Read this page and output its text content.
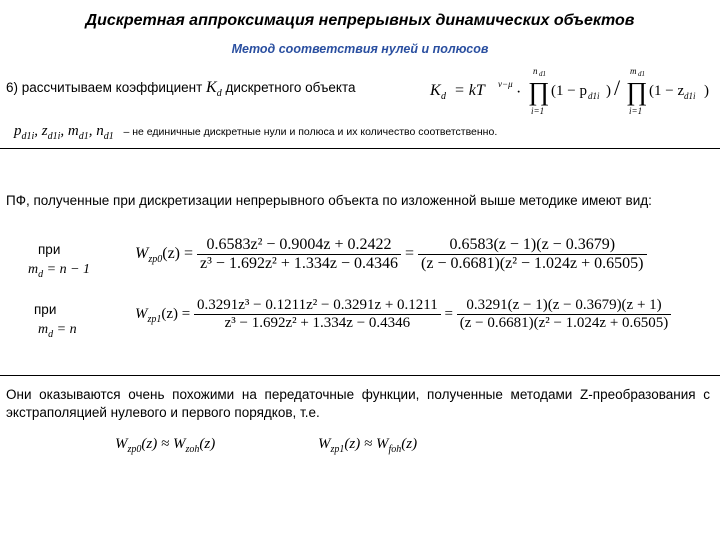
Дискретная аппроксимация непрерывных динамических объектов
Метод соответствия нулей и полюсов
6) рассчитываем коэффициент $K_d$ дискретного объекта	K d = kT ν−μ ·
n d1
∏
i=1
(1 − p d1i ) /
m d1
∏
i=1
(1 − z d1i )
$p_{d1i}$, $z_{d1i}$, $m_{d1}$, $n_{d1}$ – не единичные дискретные нули и полюса и их количество соответственно.
ПФ, полученные при дискретизации непрерывного объекта по изложенной выше методике имеют вид:
при
$m_d = n - 1$
$W_{zp0}(z) = \frac{\text{0.6583z² − 0.9004z + 0.2422}}{\text{z³ − 1.692z² + 1.334z − 0.4346}} = \frac{0.6583(z - 1)(z - 0.3679)}{\text{(z − 0.6681)(z² − 1.024z + 0.6505)}}$
при
$m_d = n$
$W_{zp1}(z) = \frac{\text{0.3291z³ − 0.1211z² − 0.3291z + 0.1211}}{\text{z³ − 1.692z² + 1.334z − 0.4346}} = \frac{0.3291(z - 1)(z - 0.3679)(z + 1)}{\text{(z − 0.6681)(z² − 1.024z + 0.6505)}}$
Они оказываются очень похожими на передаточные функции, полученные методами Z-преобразования с экстраполяцией нулевого и первого порядков, т.е.
$W_{zp0}(z) \approx W_{zoh}(z)$	$W_{zp1}(z) \approx W_{foh}(z)$
